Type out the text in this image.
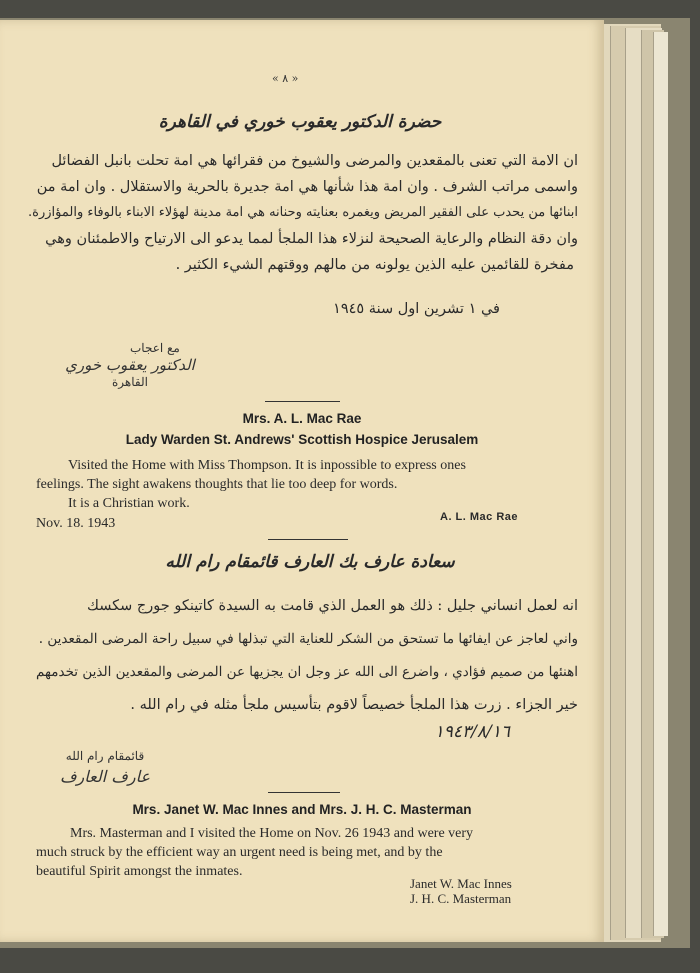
« ٨ »
حضرة الدكتور يعقوب خوري في القاهرة
ان الامة التي تعنى بالمقعدين والمرضى والشيوخ من فقرائها هي امة تحلت بانبل الفضائل
واسمى مراتب الشرف . وان امة هذا شأنها هي امة جديرة بالحرية والاستقلال . وان امة من
ابنائها من يحدب على الفقير المريض ويغمره بعنايته وحنانه هي امة مدينة لهؤلاء الابناء بالوفاء والمؤازرة.
وان دقة النظام والرعاية الصحيحة لنزلاء هذا الملجأ لمما يدعو الى الارتياح والاطمئنان وهي
مفخرة للقائمين عليه الذين يولونه من مالهم ووقتهم الشيء الكثير .
في ١ تشرين اول سنة ١٩٤٥
مع اعجاب
الدكتور يعقوب خوري
القاهرة
Mrs. A. L. Mac Rae
Lady Warden St. Andrews' Scottish Hospice Jerusalem
Visited the Home with Miss Thompson. It is inpossible to express ones
feelings. The sight awakens thoughts that lie too deep for words.
It is a Christian work.
Nov. 18. 1943	A. L. Mac Rae
سعادة عارف بك العارف قائمقام رام الله
انه لعمل انساني جليل : ذلك هو العمل الذي قامت به السيدة كاتينكو جورج سكسك
واني لعاجز عن ايفائها ما تستحق من الشكر للعناية التي تبذلها في سبيل راحة المرضى المقعدين .
اهنئها من صميم فؤادي ، واضرع الى الله عز وجل ان يجزيها عن المرضى والمقعدين الذين تخدمهم
خير الجزاء . زرت هذا الملجأ خصيصاً لاقوم بتأسيس ملجأ مثله في رام الله .
١٩٤٣/٨/١٦
قائمقام رام الله
عارف العارف
Mrs. Janet W. Mac Innes and Mrs. J. H. C. Masterman
Mrs. Masterman and I visited the Home on Nov. 26 1943 and were very
much struck by the efficient way an urgent need is being met, and by the
beautiful Spirit amongst the inmates.
Janet W. Mac Innes
J. H. C. Masterman
